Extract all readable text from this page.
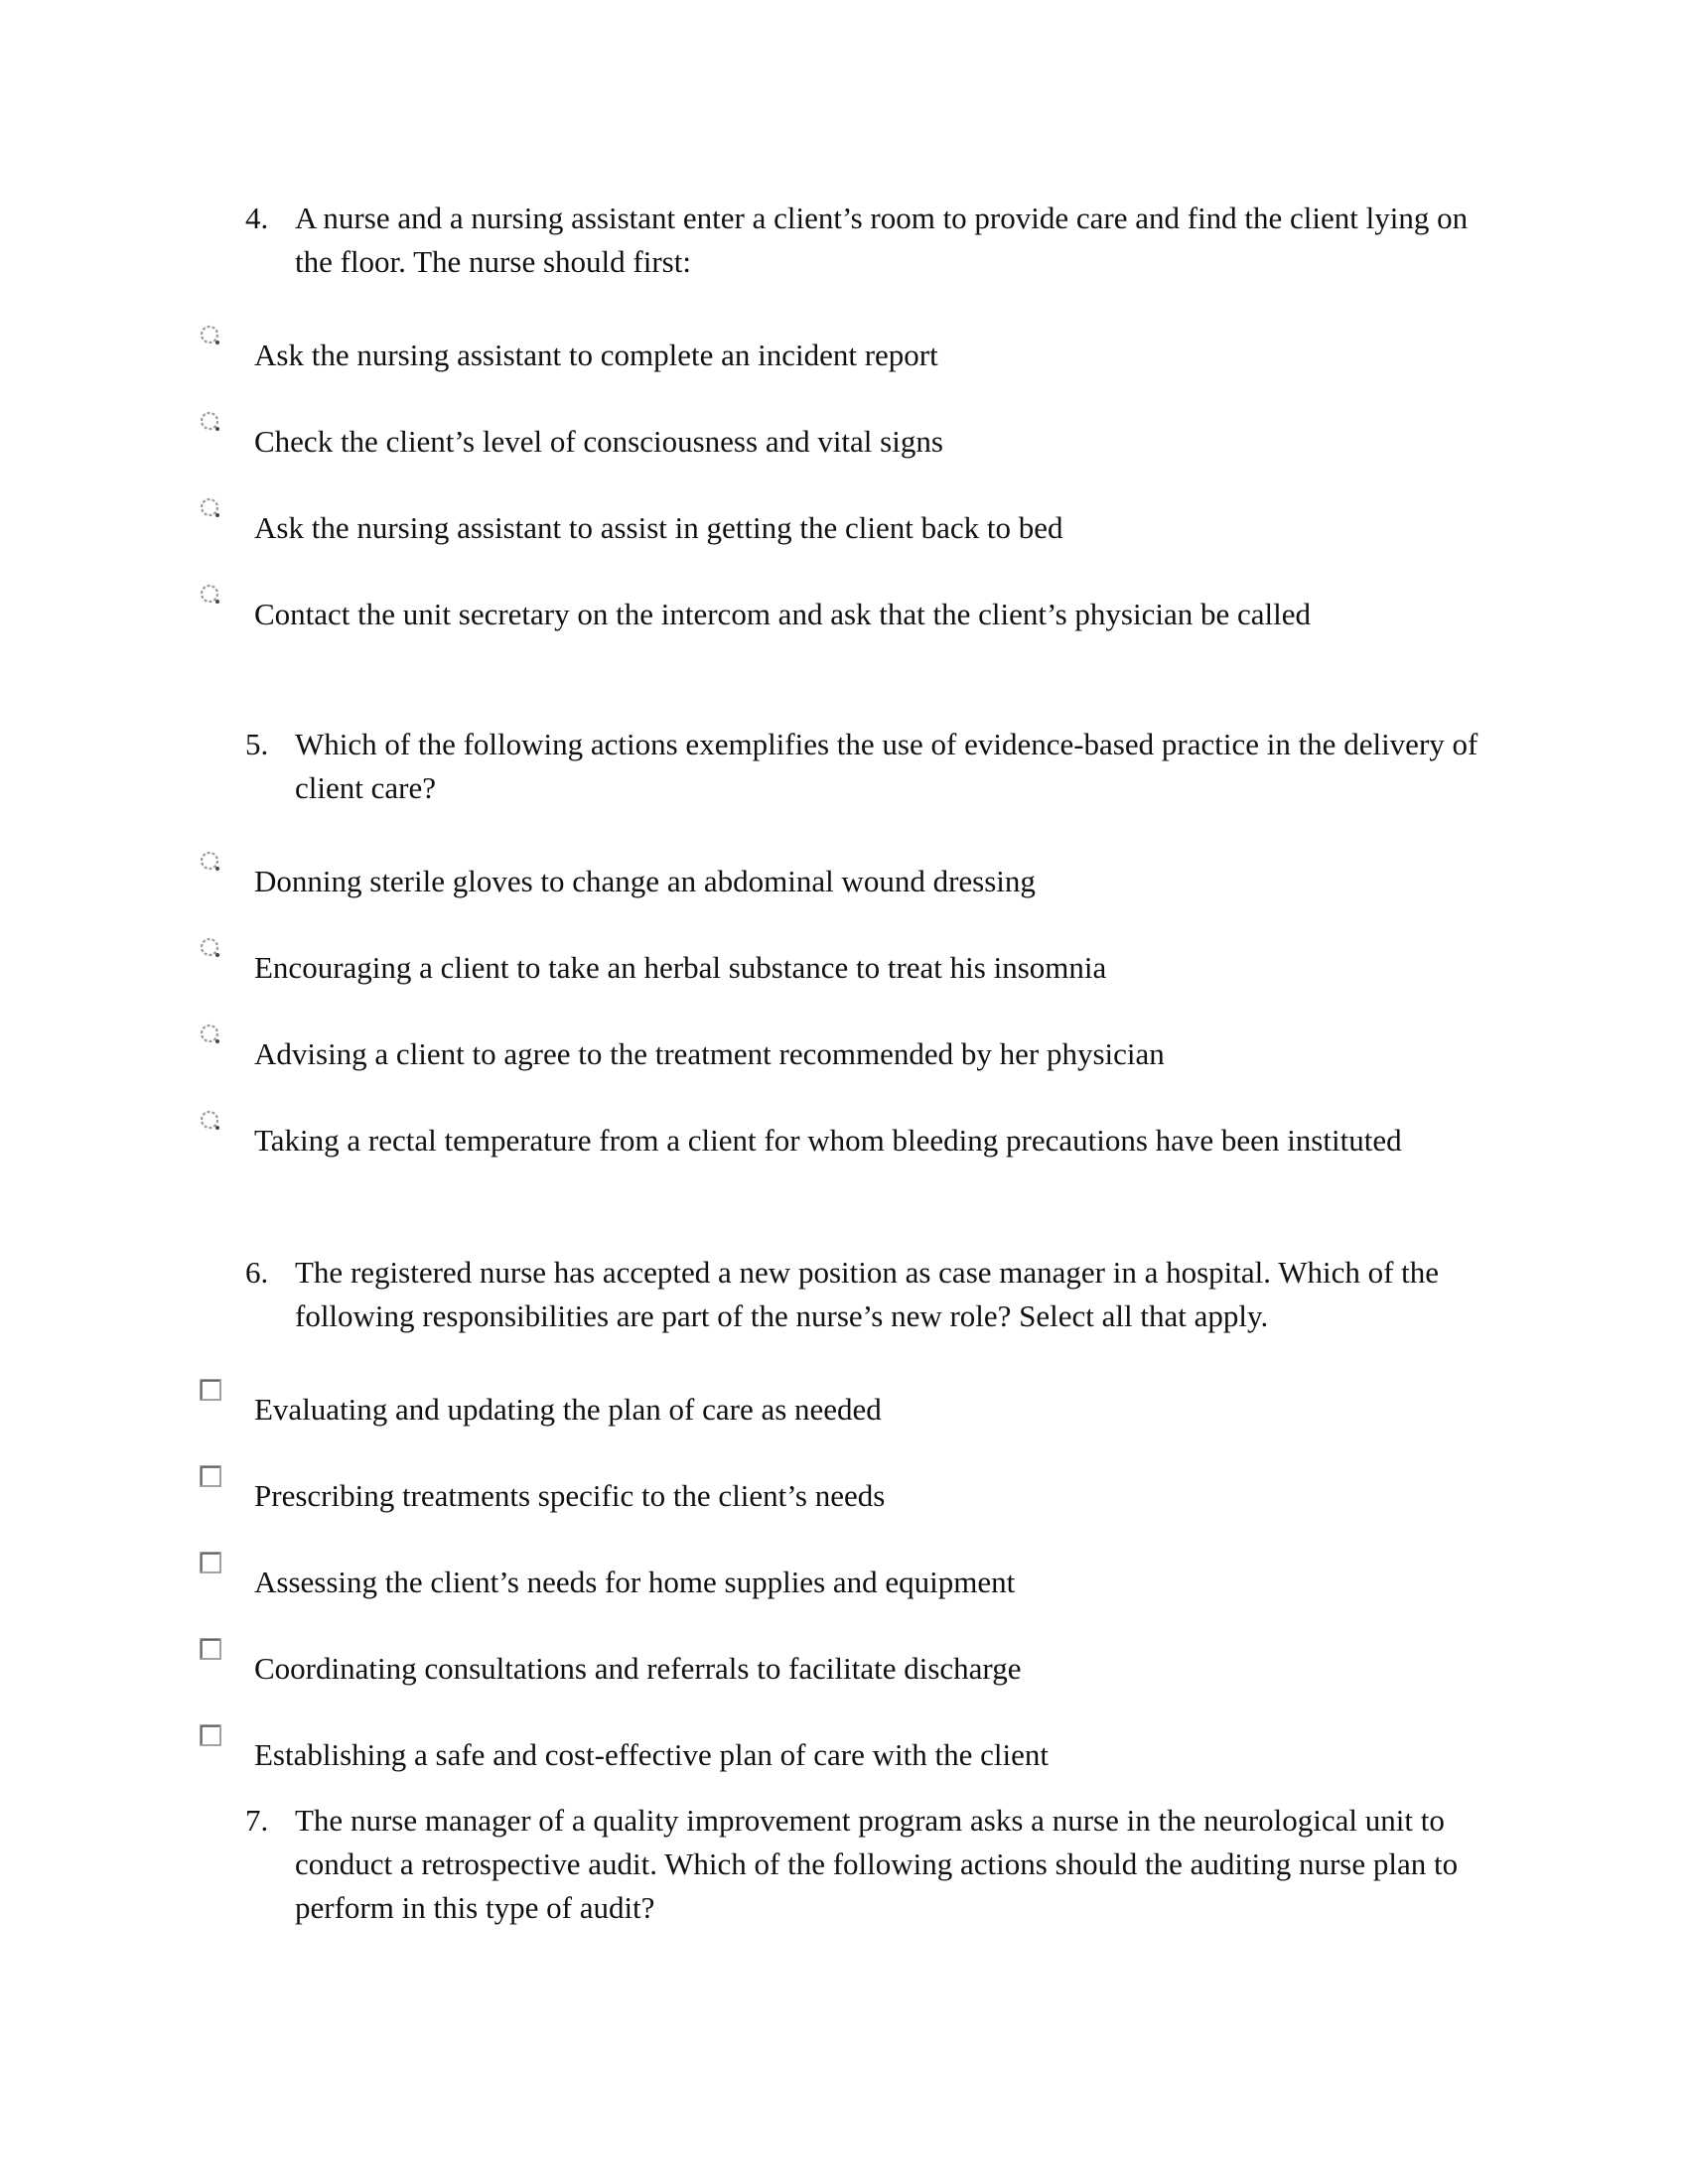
4. A nurse and a nursing assistant enter a client’s room to provide care and find the client lying on the floor. The nurse should first:
Ask the nursing assistant to complete an incident report
Check the client’s level of consciousness and vital signs
Ask the nursing assistant to assist in getting the client back to bed
Contact the unit secretary on the intercom and ask that the client’s physician be called
5. Which of the following actions exemplifies the use of evidence-based practice in the delivery of client care?
Donning sterile gloves to change an abdominal wound dressing
Encouraging a client to take an herbal substance to treat his insomnia
Advising a client to agree to the treatment recommended by her physician
Taking a rectal temperature from a client for whom bleeding precautions have been instituted
6. The registered nurse has accepted a new position as case manager in a hospital. Which of the following responsibilities are part of the nurse’s new role? Select all that apply.
Evaluating and updating the plan of care as needed
Prescribing treatments specific to the client’s needs
Assessing the client’s needs for home supplies and equipment
Coordinating consultations and referrals to facilitate discharge
Establishing a safe and cost-effective plan of care with the client
7. The nurse manager of a quality improvement program asks a nurse in the neurological unit to conduct a retrospective audit. Which of the following actions should the auditing nurse plan to perform in this type of audit?
